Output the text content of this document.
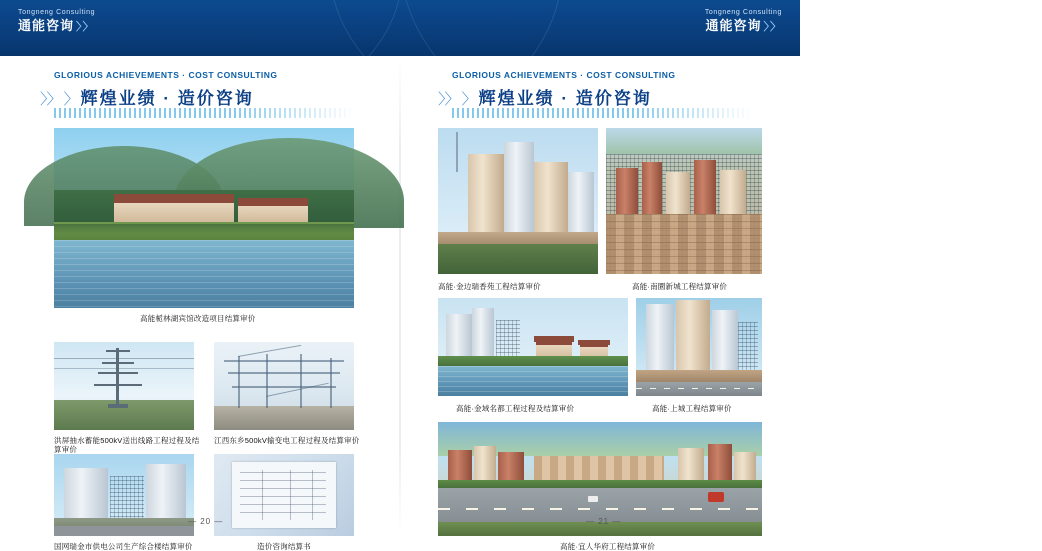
Tongneng Consulting
通能咨询 〉〉
Tongneng Consulting
通能咨询 〉〉
GLORIOUS ACHIEVEMENTS · COST CONSULTING
〉〉 〉 辉煌业绩 · 造价咨询
高能栀林湖宾馆改造项目结算审价
洪屏抽水蓄能500kV送出线路工程过程及结算审价
江西东乡500kV输变电工程过程及结算审价
国网瑞金市供电公司生产综合楼结算审价	造价咨询结算书
— 20 —
GLORIOUS ACHIEVEMENTS · COST CONSULTING
〉〉 〉 辉煌业绩 · 造价咨询
高能·金边瑞香苑工程结算审价	高能·南圜新城工程结算审价
高能·金域名都工程过程及结算审价	高能·上城工程结算审价
高能·宜人华府工程结算审价
— 21 —
